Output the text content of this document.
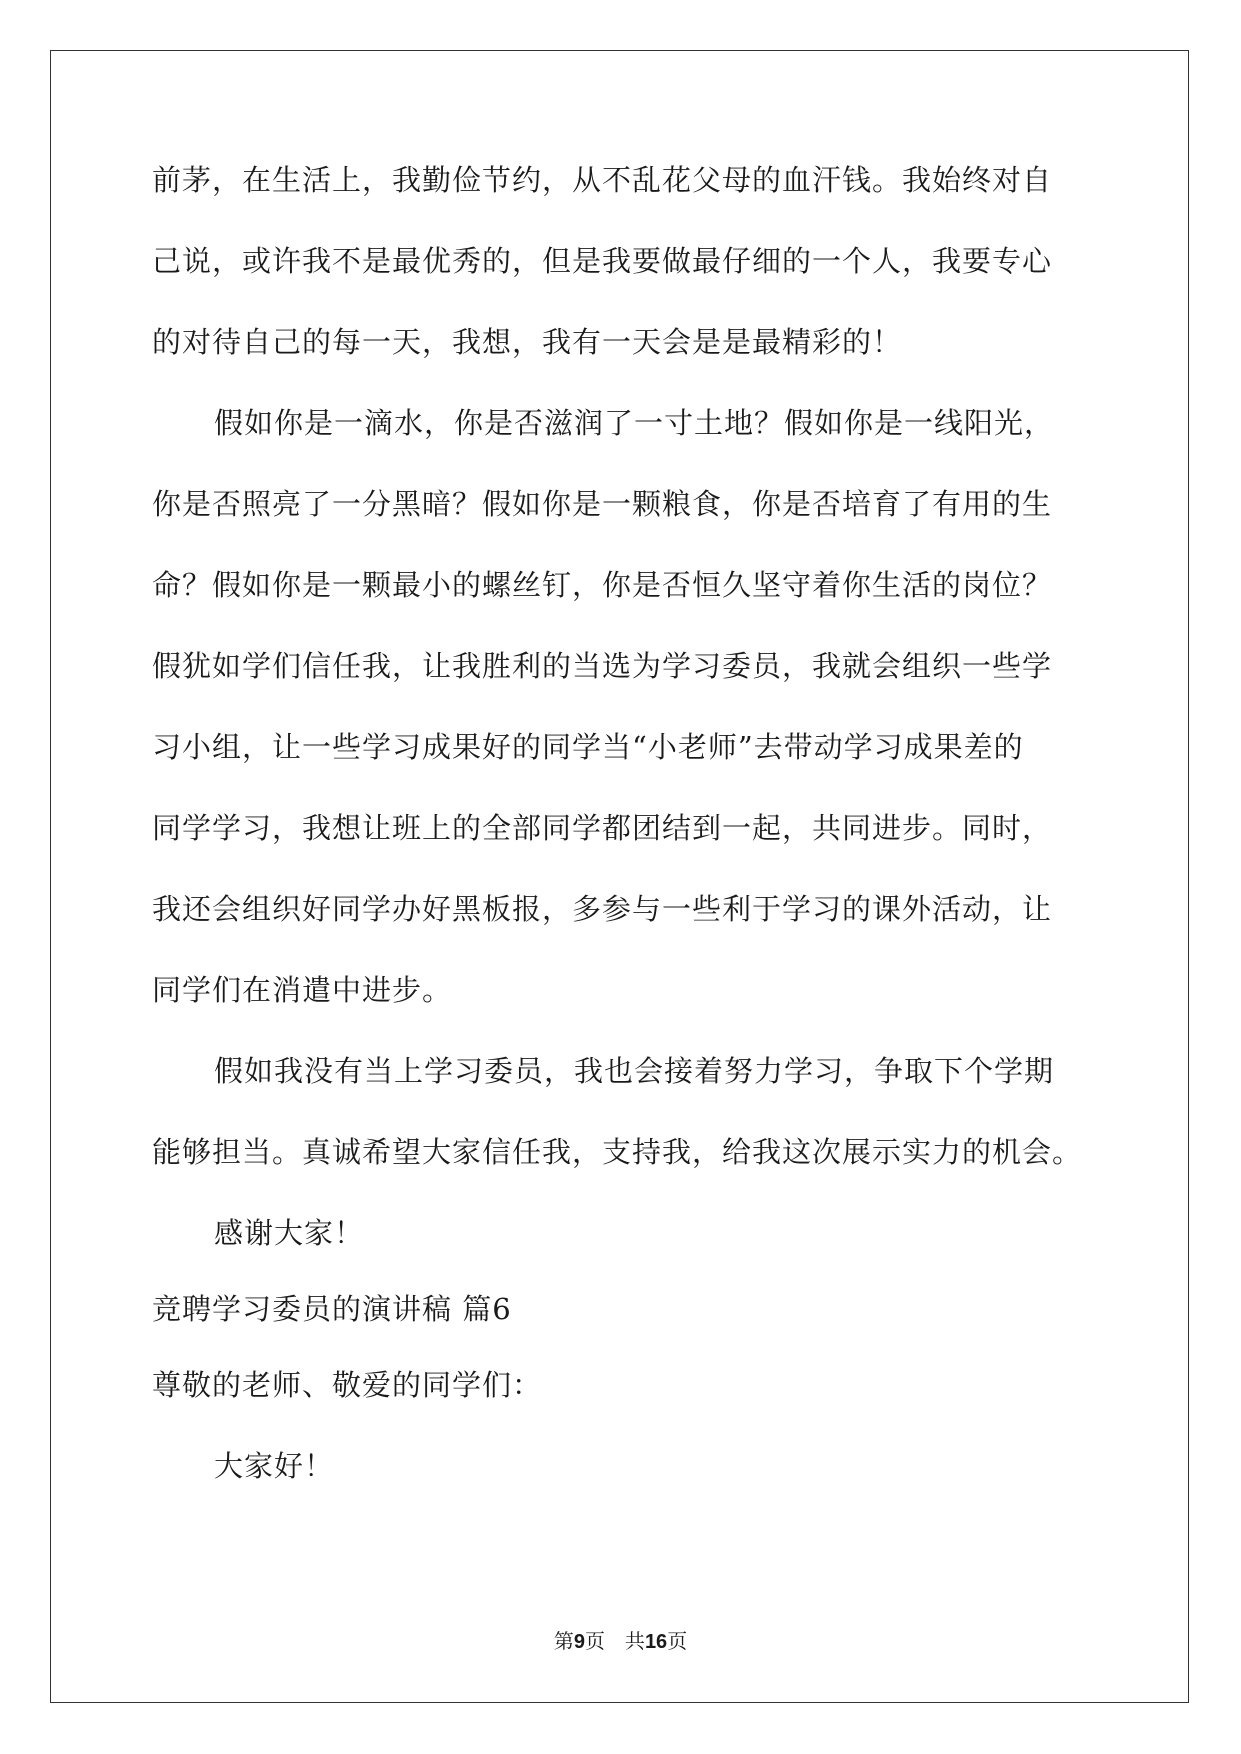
前茅，在生活上，我勤俭节约，从不乱花父母的血汗钱。我始终对自
己说，或许我不是最优秀的，但是我要做最仔细的一个人，我要专心
的对待自己的每一天，我想，我有一天会是是最精彩的！
假如你是一滴水，你是否滋润了一寸土地？假如你是一线阳光，
你是否照亮了一分黑暗？假如你是一颗粮食，你是否培育了有用的生
命？假如你是一颗最小的螺丝钉，你是否恒久坚守着你生活的岗位？
假犹如学们信任我，让我胜利的当选为学习委员，我就会组织一些学
习小组，让一些学习成果好的同学当“小老师”去带动学习成果差的
同学学习，我想让班上的全部同学都团结到一起，共同进步。同时，
我还会组织好同学办好黑板报，多参与一些利于学习的课外活动，让
同学们在消遣中进步。
假如我没有当上学习委员，我也会接着努力学习，争取下个学期
能够担当。真诚希望大家信任我，支持我，给我这次展示实力的机会。
感谢大家！
竞聘学习委员的演讲稿 篇6
尊敬的老师、敬爱的同学们：
大家好！
第9页　共16页
